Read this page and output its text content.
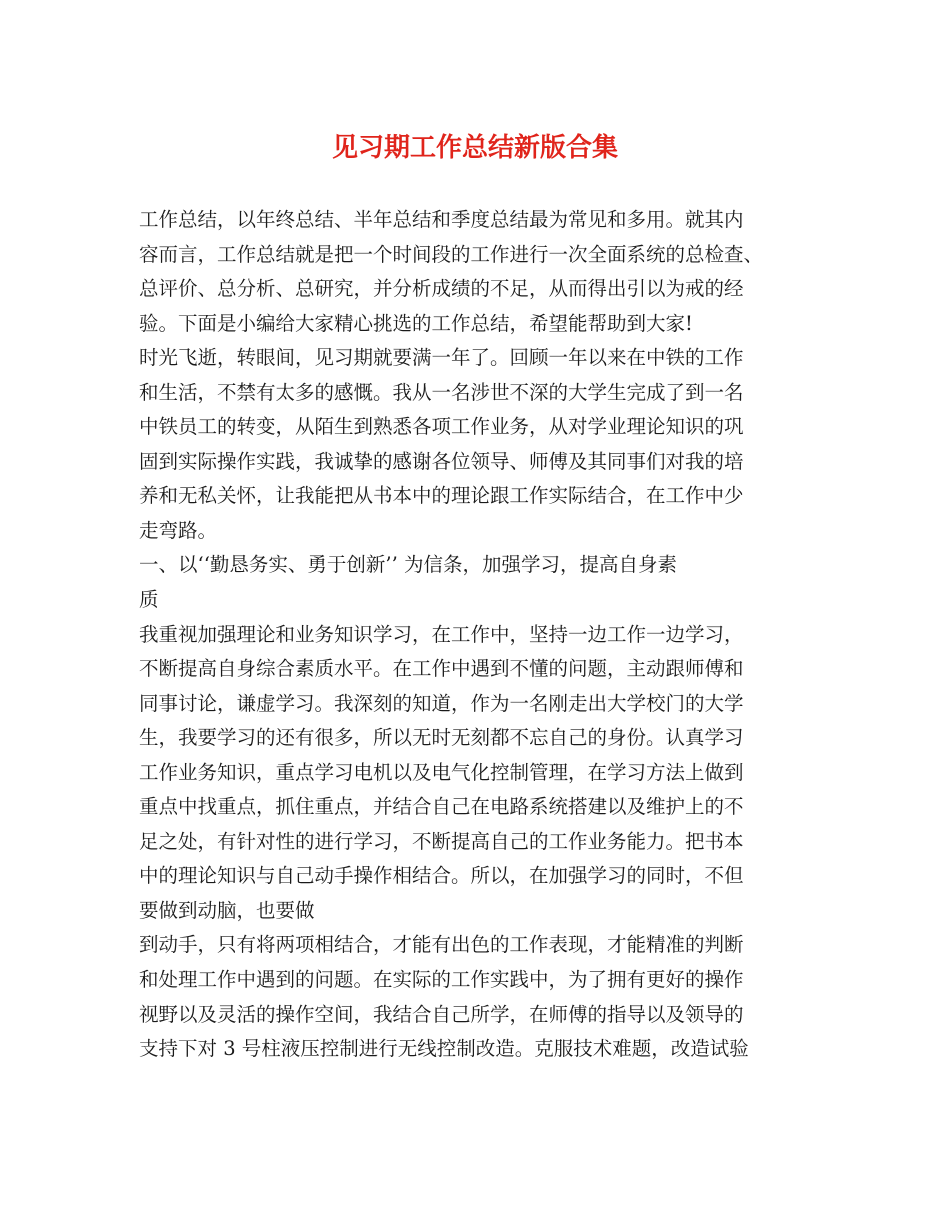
见习期工作总结新版合集
工作总结，以年终总结、半年总结和季度总结最为常见和多用。就其内
容而言，工作总结就是把一个时间段的工作进行一次全面系统的总检查、
总评价、总分析、总研究，并分析成绩的不足，从而得出引以为戒的经
验。下面是小编给大家精心挑选的工作总结，希望能帮助到大家!
时光飞逝，转眼间，见习期就要满一年了。回顾一年以来在中铁的工作
和生活，不禁有太多的感慨。我从一名涉世不深的大学生完成了到一名
中铁员工的转变，从陌生到熟悉各项工作业务，从对学业理论知识的巩
固到实际操作实践，我诚挚的感谢各位领导、师傅及其同事们对我的培
养和无私关怀，让我能把从书本中的理论跟工作实际结合，在工作中少
走弯路。
一、以‘‘勤恳务实、勇于创新’’ 为信条，加强学习，提高自身素
质
我重视加强理论和业务知识学习，在工作中，坚持一边工作一边学习，
不断提高自身综合素质水平。在工作中遇到不懂的问题，主动跟师傅和
同事讨论，谦虚学习。我深刻的知道，作为一名刚走出大学校门的大学
生，我要学习的还有很多，所以无时无刻都不忘自己的身份。认真学习
工作业务知识，重点学习电机以及电气化控制管理，在学习方法上做到
重点中找重点，抓住重点，并结合自己在电路系统搭建以及维护上的不
足之处，有针对性的进行学习，不断提高自己的工作业务能力。把书本
中的理论知识与自己动手操作相结合。所以，在加强学习的同时，不但
要做到动脑，也要做
到动手，只有将两项相结合，才能有出色的工作表现，才能精准的判断
和处理工作中遇到的问题。在实际的工作实践中，为了拥有更好的操作
视野以及灵活的操作空间，我结合自己所学，在师傅的指导以及领导的
支持下对 3 号柱液压控制进行无线控制改造。克服技术难题，改造试验
